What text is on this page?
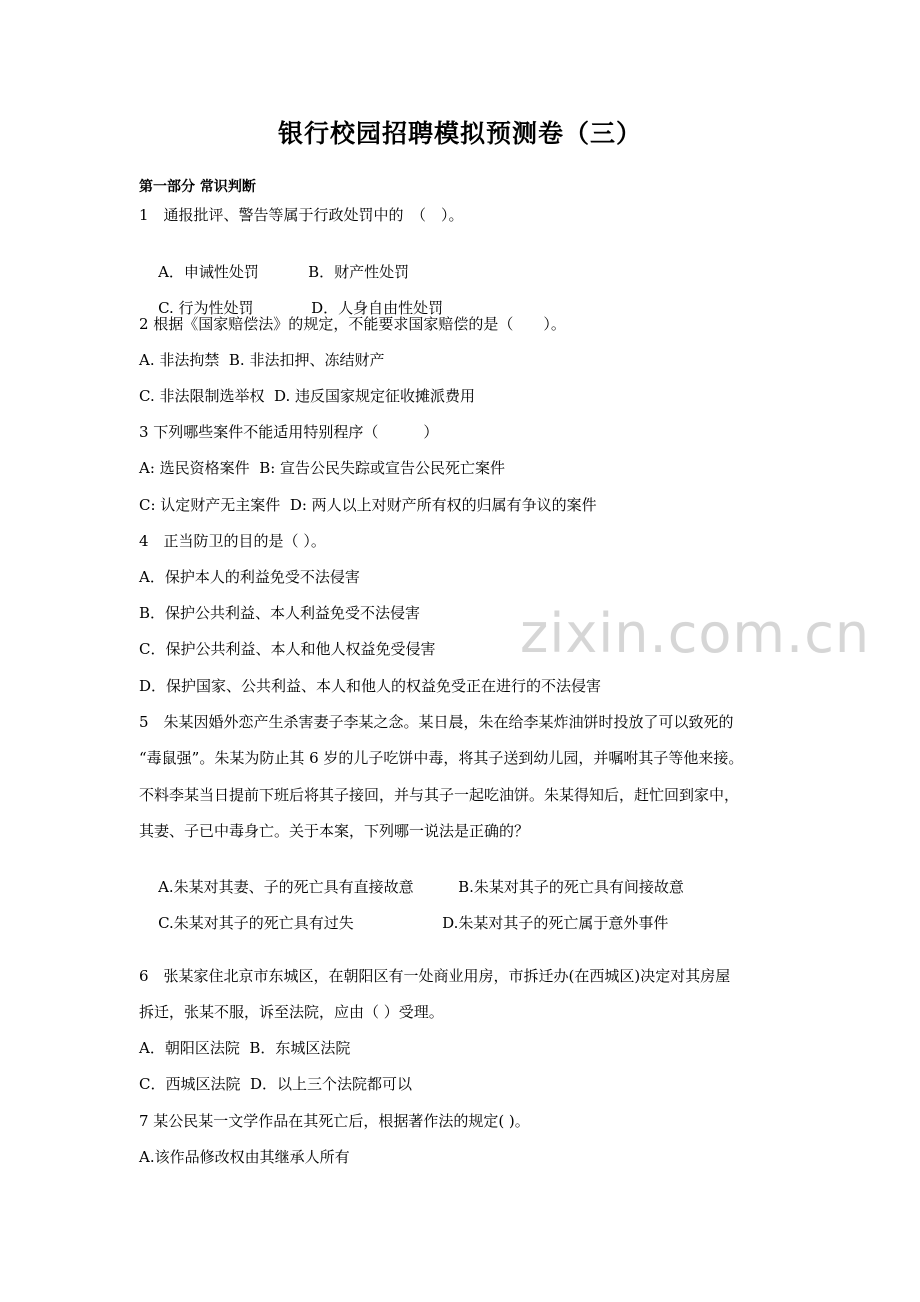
银行校园招聘模拟预测卷（三）
第一部分 常识判断
zixin.com.cn
1　通报批评、警告等属于行政处罚中的　（　）。

A．申诫性处罚	B．财产性处罚

C. 行为性处罚	D．人身自由性处罚

2 根据《国家赔偿法》的规定，不能要求国家赔偿的是（　　）。
A. 非法拘禁  B. 非法扣押、冻结财产
C. 非法限制选举权  D. 违反国家规定征收摊派费用
3 下列哪些案件不能适用特别程序（　　　）
A: 选民资格案件  B: 宣告公民失踪或宣告公民死亡案件
C: 认定财产无主案件  D: 两人以上对财产所有权的归属有争议的案件
4　正当防卫的目的是（ ）。
A．保护本人的利益免受不法侵害
B．保护公共利益、本人利益免受不法侵害
C．保护公共利益、本人和他人权益免受侵害
D．保护国家、公共利益、本人和他人的权益免受正在进行的不法侵害
5　朱某因婚外恋产生杀害妻子李某之念。某日晨，朱在给李某炸油饼时投放了可以致死的
“毒鼠强”。朱某为防止其 6 岁的儿子吃饼中毒，将其子送到幼儿园，并嘱咐其子等他来接。
不料李某当日提前下班后将其子接回，并与其子一起吃油饼。朱某得知后，赶忙回到家中，
其妻、子已中毒身亡。关于本案，下列哪一说法是正确的？

A.朱某对其妻、子的死亡具有直接故意	B.朱某对其子的死亡具有间接故意

C.朱某对其子的死亡具有过失	D.朱某对其子的死亡属于意外事件

6　张某家住北京市东城区，在朝阳区有一处商业用房，市拆迁办(在西城区)决定对其房屋
拆迁，张某不服，诉至法院，应由（ ）受理。
A．朝阳区法院  B．东城区法院
C．西城区法院  D．以上三个法院都可以
7 某公民某一文学作品在其死亡后，根据著作法的规定( )。
A.该作品修改权由其继承人所有
